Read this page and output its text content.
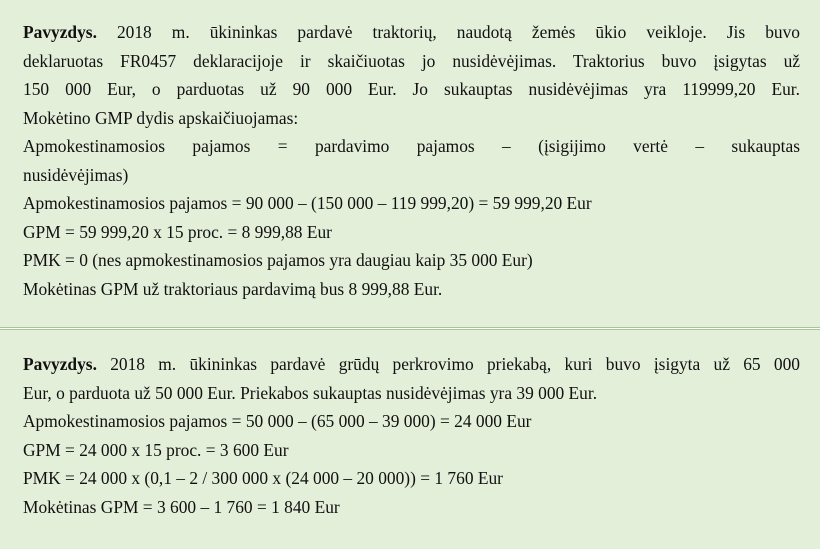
Pavyzdys. 2018 m. ūkininkas pardavė traktorių, naudotą žemės ūkio veikloje. Jis buvo
deklaruotas FR0457 deklaracijoje ir skaičiuotas jo nusidėvėjimas. Traktorius buvo įsigytas už
150 000 Eur, o parduotas už 90 000 Eur. Jo sukauptas nusidėvėjimas yra 119999,20 Eur.
Mokėtino GMP dydis apskaičiuojamas:
Apmokestinamosios pajamos = pardavimo pajamos – (įsigijimo vertė – sukauptas
nusidėvėjimas)
Apmokestinamosios pajamos = 90 000 – (150 000 – 119 999,20) = 59 999,20 Eur
GPM = 59 999,20 x 15 proc. = 8 999,88 Eur
PMK = 0 (nes apmokestinamosios pajamos yra daugiau kaip 35 000 Eur)
Mokėtinas GPM už traktoriaus pardavimą bus 8 999,88 Eur.
Pavyzdys. 2018 m. ūkininkas pardavė grūdų perkrovimo priekabą, kuri buvo įsigyta už 65 000
Eur, o parduota už 50 000 Eur. Priekabos sukauptas nusidėvėjimas yra 39 000 Eur.
Apmokestinamosios pajamos = 50 000 – (65 000 – 39 000) = 24 000 Eur
GPM = 24 000 x 15 proc. = 3 600 Eur
PMK = 24 000 x (0,1 – 2 / 300 000 x (24 000 – 20 000)) = 1 760 Eur
Mokėtinas GPM = 3 600 – 1 760 = 1 840 Eur
